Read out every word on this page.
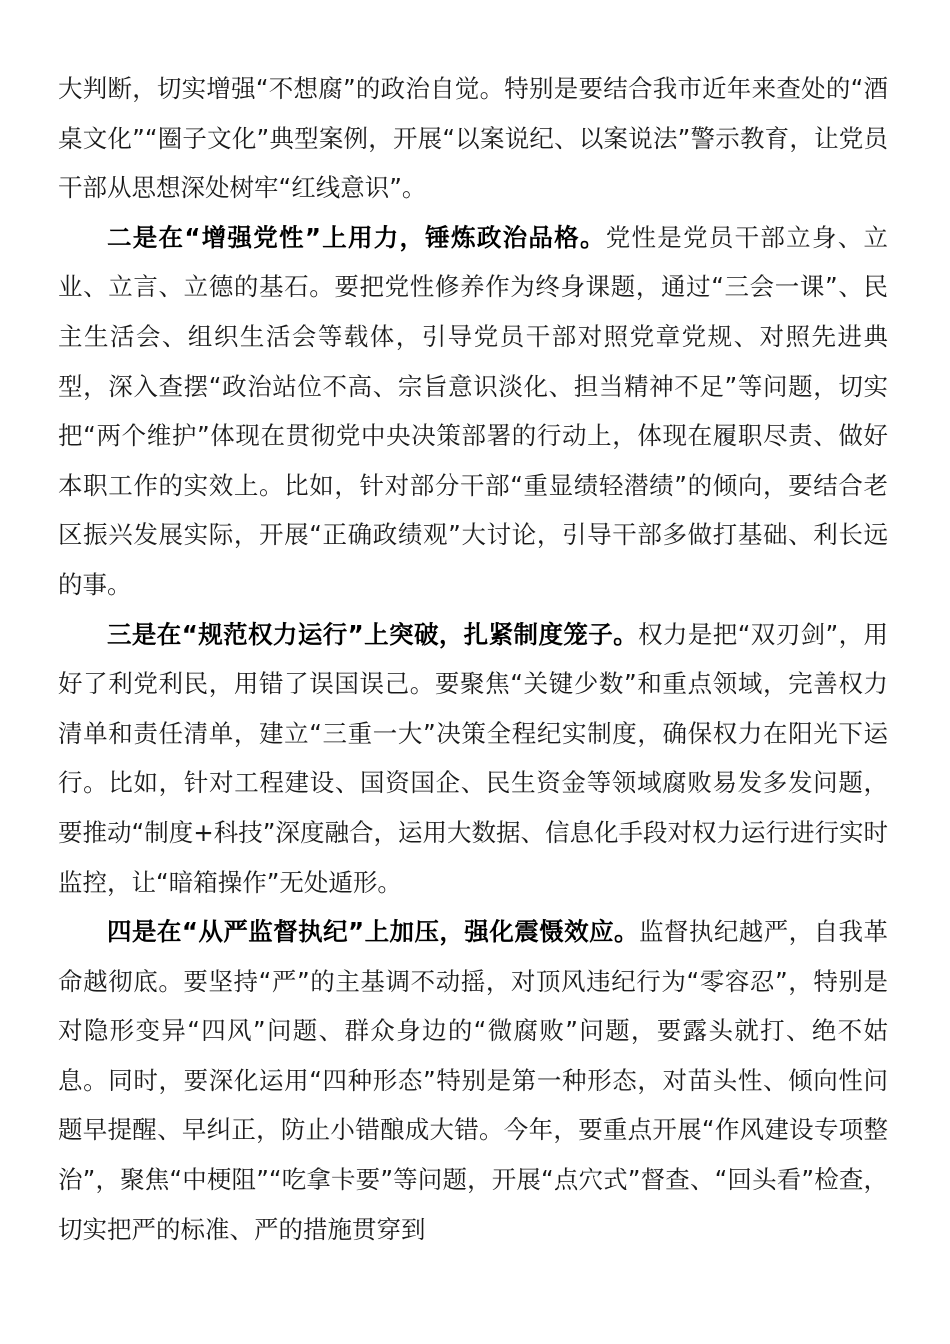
大判断，切实增强“不想腐”的政治自觉。特别是要结合我市近年来查处的“酒桌文化”“圈子文化”典型案例，开展“以案说纪、以案说法”警示教育，让党员干部从思想深处树牢“红线意识”。

二是在“增强党性”上用力，锤炼政治品格。党性是党员干部立身、立业、立言、立德的基石。要把党性修养作为终身课题，通过“三会一课”、民主生活会、组织生活会等载体，引导党员干部对照党章党规、对照先进典型，深入查摆“政治站位不高、宗旨意识淡化、担当精神不足”等问题，切实把“两个维护”体现在贯彻党中央决策部署的行动上，体现在履职尽责、做好本职工作的实效上。比如，针对部分干部“重显绩轻潜绩”的倾向，要结合老区振兴发展实际，开展“正确政绩观”大讨论，引导干部多做打基础、利长远的事。

三是在“规范权力运行”上突破，扎紧制度笼子。权力是把“双刃剑”，用好了利党利民，用错了误国误己。要聚焦“关键少数”和重点领域，完善权力清单和责任清单，建立“三重一大”决策全程纪实制度，确保权力在阳光下运行。比如，针对工程建设、国资国企、民生资金等领域腐败易发多发问题，要推动“制度+科技”深度融合，运用大数据、信息化手段对权力运行进行实时监控，让“暗箱操作”无处遁形。

四是在“从严监督执纪”上加压，强化震慑效应。监督执纪越严，自我革命越彻底。要坚持“严”的主基调不动摇，对顶风违纪行为“零容忍”，特别是对隐形变异“四风”问题、群众身边的“微腐败”问题，要露头就打、绝不姑息。同时，要深化运用“四种形态”特别是第一种形态，对苗头性、倾向性问题早提醒、早纠正，防止小错酿成大错。今年，要重点开展“作风建设专项整治”，聚焦“中梗阻”“吃拿卡要”等问题，开展“点穴式”督查、“回头看”检查，切实把严的标准、严的措施贯穿到
